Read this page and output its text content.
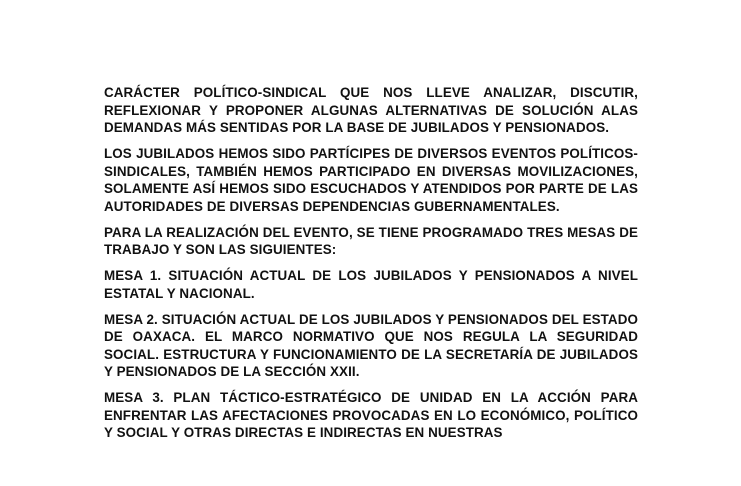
CARÁCTER POLÍTICO-SINDICAL QUE NOS LLEVE ANALIZAR, DISCUTIR, REFLEXIONAR Y PROPONER ALGUNAS ALTERNATIVAS DE SOLUCIÓN ALAS DEMANDAS MÁS SENTIDAS POR LA BASE DE JUBILADOS Y PENSIONADOS.

LOS JUBILADOS HEMOS SIDO PARTÍCIPES DE DIVERSOS EVENTOS POLÍTICOS-SINDICALES, TAMBIÉN HEMOS PARTICIPADO EN DIVERSAS MOVILIZACIONES, SOLAMENTE ASÍ HEMOS SIDO ESCUCHADOS Y ATENDIDOS POR PARTE DE LAS AUTORIDADES DE DIVERSAS DEPENDENCIAS GUBERNAMENTALES.

PARA LA REALIZACIÓN DEL EVENTO, SE TIENE PROGRAMADO TRES MESAS DE TRABAJO Y SON LAS SIGUIENTES:

MESA 1. SITUACIÓN ACTUAL DE LOS JUBILADOS Y PENSIONADOS A NIVEL ESTATAL Y NACIONAL.

MESA 2. SITUACIÓN ACTUAL DE LOS JUBILADOS Y PENSIONADOS DEL ESTADO DE OAXACA. EL MARCO NORMATIVO QUE NOS REGULA LA SEGURIDAD SOCIAL. ESTRUCTURA Y FUNCIONAMIENTO DE LA SECRETARÍA DE JUBILADOS Y PENSIONADOS DE LA SECCIÓN XXII.

MESA 3. PLAN TÁCTICO-ESTRATÉGICO DE UNIDAD EN LA ACCIÓN PARA ENFRENTAR LAS AFECTACIONES PROVOCADAS EN LO ECONÓMICO, POLÍTICO Y SOCIAL Y OTRAS DIRECTAS E INDIRECTAS EN NUESTRAS
